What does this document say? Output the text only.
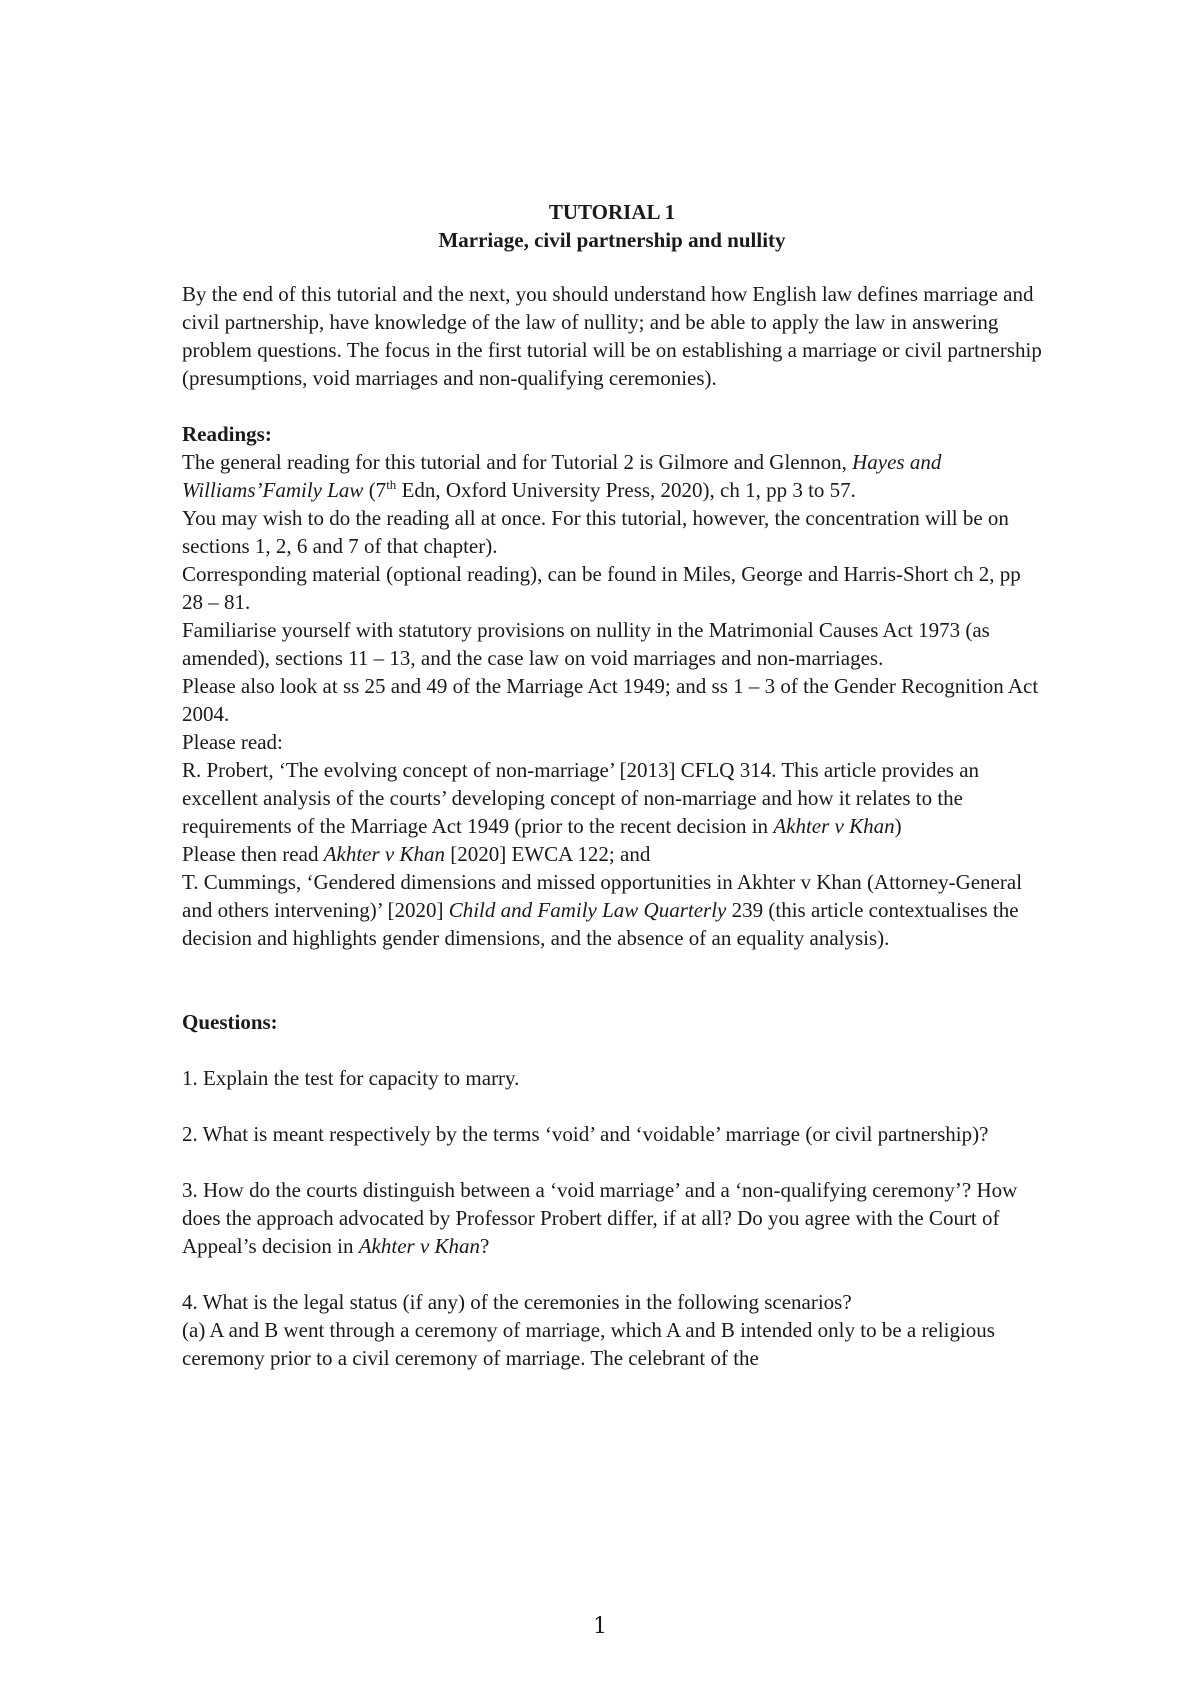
TUTORIAL 1
Marriage, civil partnership and nullity

By the end of this tutorial and the next, you should understand how English law defines marriage and civil partnership, have knowledge of the law of nullity; and be able to apply the law in answering problem questions. The focus in the first tutorial will be on establishing a marriage or civil partnership (presumptions, void marriages and non-qualifying ceremonies).

Readings:

The general reading for this tutorial and for Tutorial 2 is Gilmore and Glennon, Hayes and Williams’Family Law (7th Edn, Oxford University Press, 2020), ch 1, pp 3 to 57.

You may wish to do the reading all at once. For this tutorial, however, the concentration will be on sections 1, 2, 6 and 7 of that chapter).

Corresponding material (optional reading), can be found in Miles, George and Harris-Short ch 2, pp 28 – 81.

Familiarise yourself with statutory provisions on nullity in the Matrimonial Causes Act 1973 (as amended), sections 11 – 13, and the case law on void marriages and non-marriages.

Please also look at ss 25 and 49 of the Marriage Act 1949; and ss 1 – 3 of the Gender Recognition Act 2004.

Please read:

R. Probert, ‘The evolving concept of non-marriage’ [2013] CFLQ 314. This article provides an excellent analysis of the courts’ developing concept of non-marriage and how it relates to the requirements of the Marriage Act 1949 (prior to the recent decision in Akhter v Khan)

Please then read Akhter v Khan [2020] EWCA 122; and

T. Cummings, ‘Gendered dimensions and missed opportunities in Akhter v Khan (Attorney-General and others intervening)’ [2020] Child and Family Law Quarterly 239 (this article contextualises the decision and highlights gender dimensions, and the absence of an equality analysis).

Questions:

1. Explain the test for capacity to marry.

2. What is meant respectively by the terms ‘void’ and ‘voidable’ marriage (or civil partnership)?

3. How do the courts distinguish between a ‘void marriage’ and a ‘non-qualifying ceremony’? How does the approach advocated by Professor Probert differ, if at all? Do you agree with the Court of Appeal’s decision in Akhter v Khan?

4. What is the legal status (if any) of the ceremonies in the following scenarios?

(a) A and B went through a ceremony of marriage, which A and B intended only to be a religious ceremony prior to a civil ceremony of marriage. The celebrant of the

1
